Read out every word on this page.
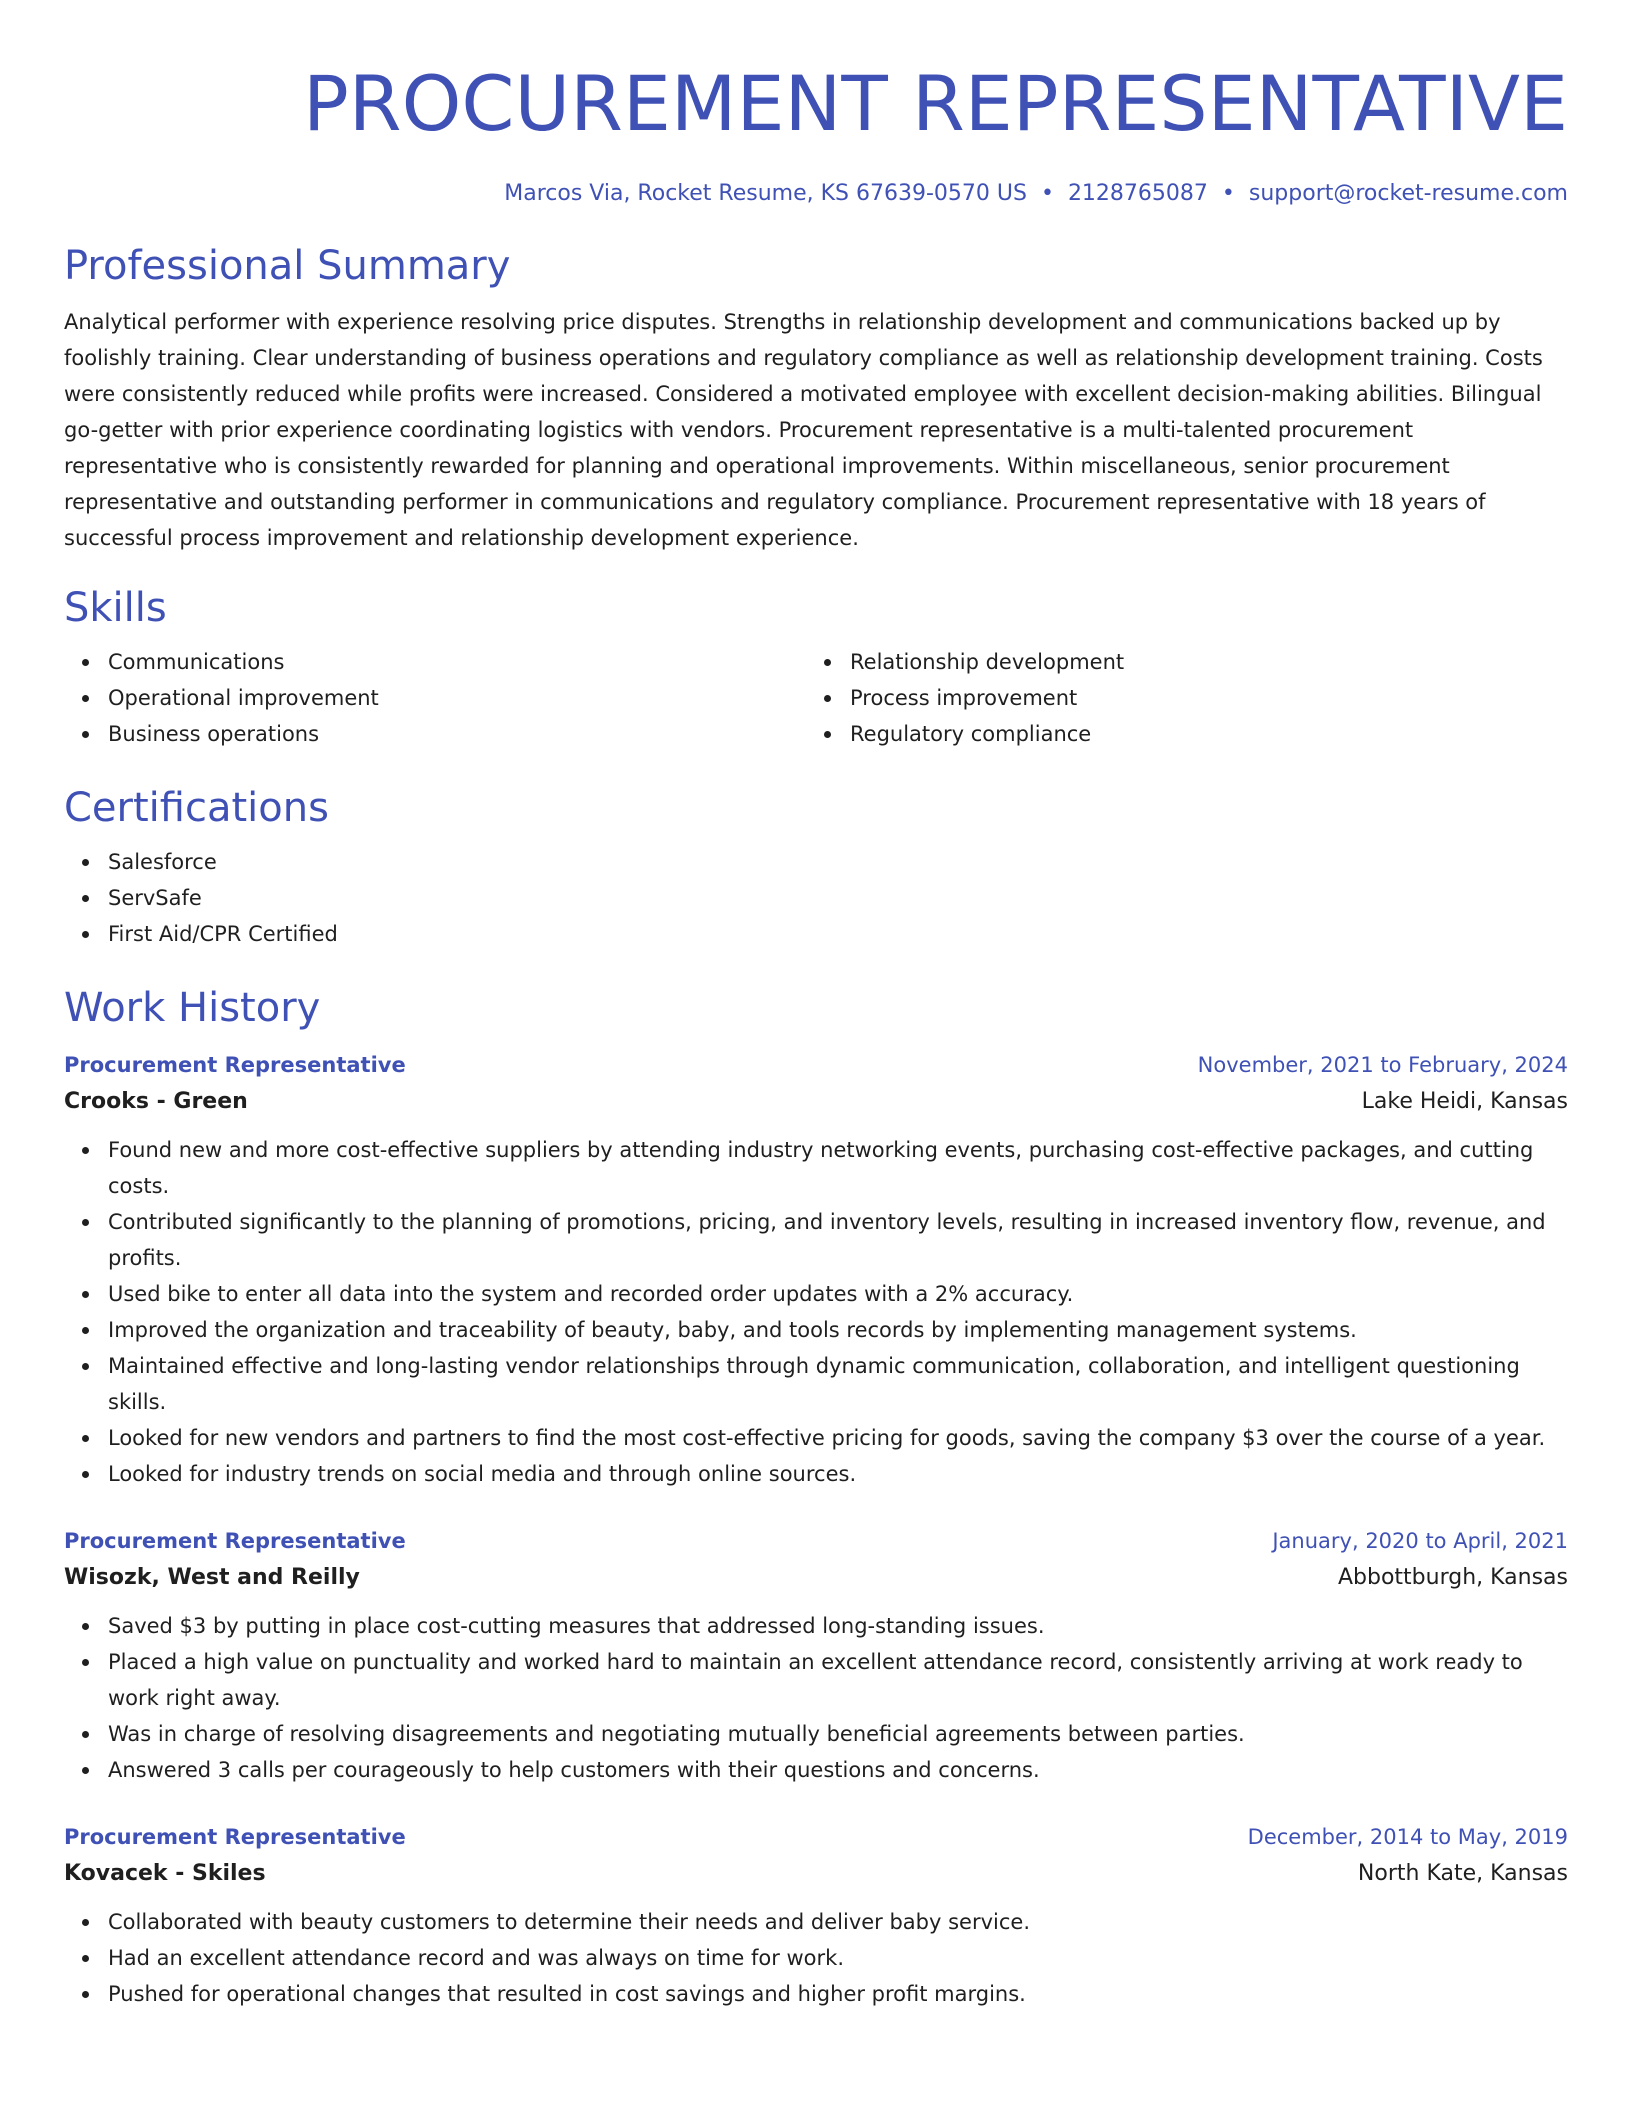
PROCUREMENT REPRESENTATIVE
Marcos Via, Rocket Resume, KS 67639-0570 US • 2128765087 • support@rocket-resume.com
Professional Summary

Analytical performer with experience resolving price disputes. Strengths in relationship development and communications backed up by foolishly training. Clear understanding of business operations and regulatory compliance as well as relationship development training. Costs were consistently reduced while profits were increased. Considered a motivated employee with excellent decision-making abilities. Bilingual go-getter with prior experience coordinating logistics with vendors. Procurement representative is a multi-talented procurement representative who is consistently rewarded for planning and operational improvements. Within miscellaneous, senior procurement representative and outstanding performer in communications and regulatory compliance. Procurement representative with 18 years of successful process improvement and relationship development experience.

Skills
Communications
Operational improvement
Business operations
Relationship development
Process improvement
Regulatory compliance
Certifications
Salesforce
ServSafe
First Aid/CPR Certified
Work History
Procurement Representative	November, 2021 to February, 2024
Crooks - Green	Lake Heidi, Kansas
Found new and more cost-effective suppliers by attending industry networking events, purchasing cost-effective packages, and cutting costs.
Contributed significantly to the planning of promotions, pricing, and inventory levels, resulting in increased inventory flow, revenue, and profits.
Used bike to enter all data into the system and recorded order updates with a 2% accuracy.
Improved the organization and traceability of beauty, baby, and tools records by implementing management systems.
Maintained effective and long-lasting vendor relationships through dynamic communication, collaboration, and intelligent questioning skills.
Looked for new vendors and partners to find the most cost-effective pricing for goods, saving the company $3 over the course of a year.
Looked for industry trends on social media and through online sources.
Procurement Representative	January, 2020 to April, 2021
Wisozk, West and Reilly	Abbottburgh, Kansas
Saved $3 by putting in place cost-cutting measures that addressed long-standing issues.
Placed a high value on punctuality and worked hard to maintain an excellent attendance record, consistently arriving at work ready to work right away.
Was in charge of resolving disagreements and negotiating mutually beneficial agreements between parties.
Answered 3 calls per courageously to help customers with their questions and concerns.
Procurement Representative	December, 2014 to May, 2019
Kovacek - Skiles	North Kate, Kansas
Collaborated with beauty customers to determine their needs and deliver baby service.
Had an excellent attendance record and was always on time for work.
Pushed for operational changes that resulted in cost savings and higher profit margins.
